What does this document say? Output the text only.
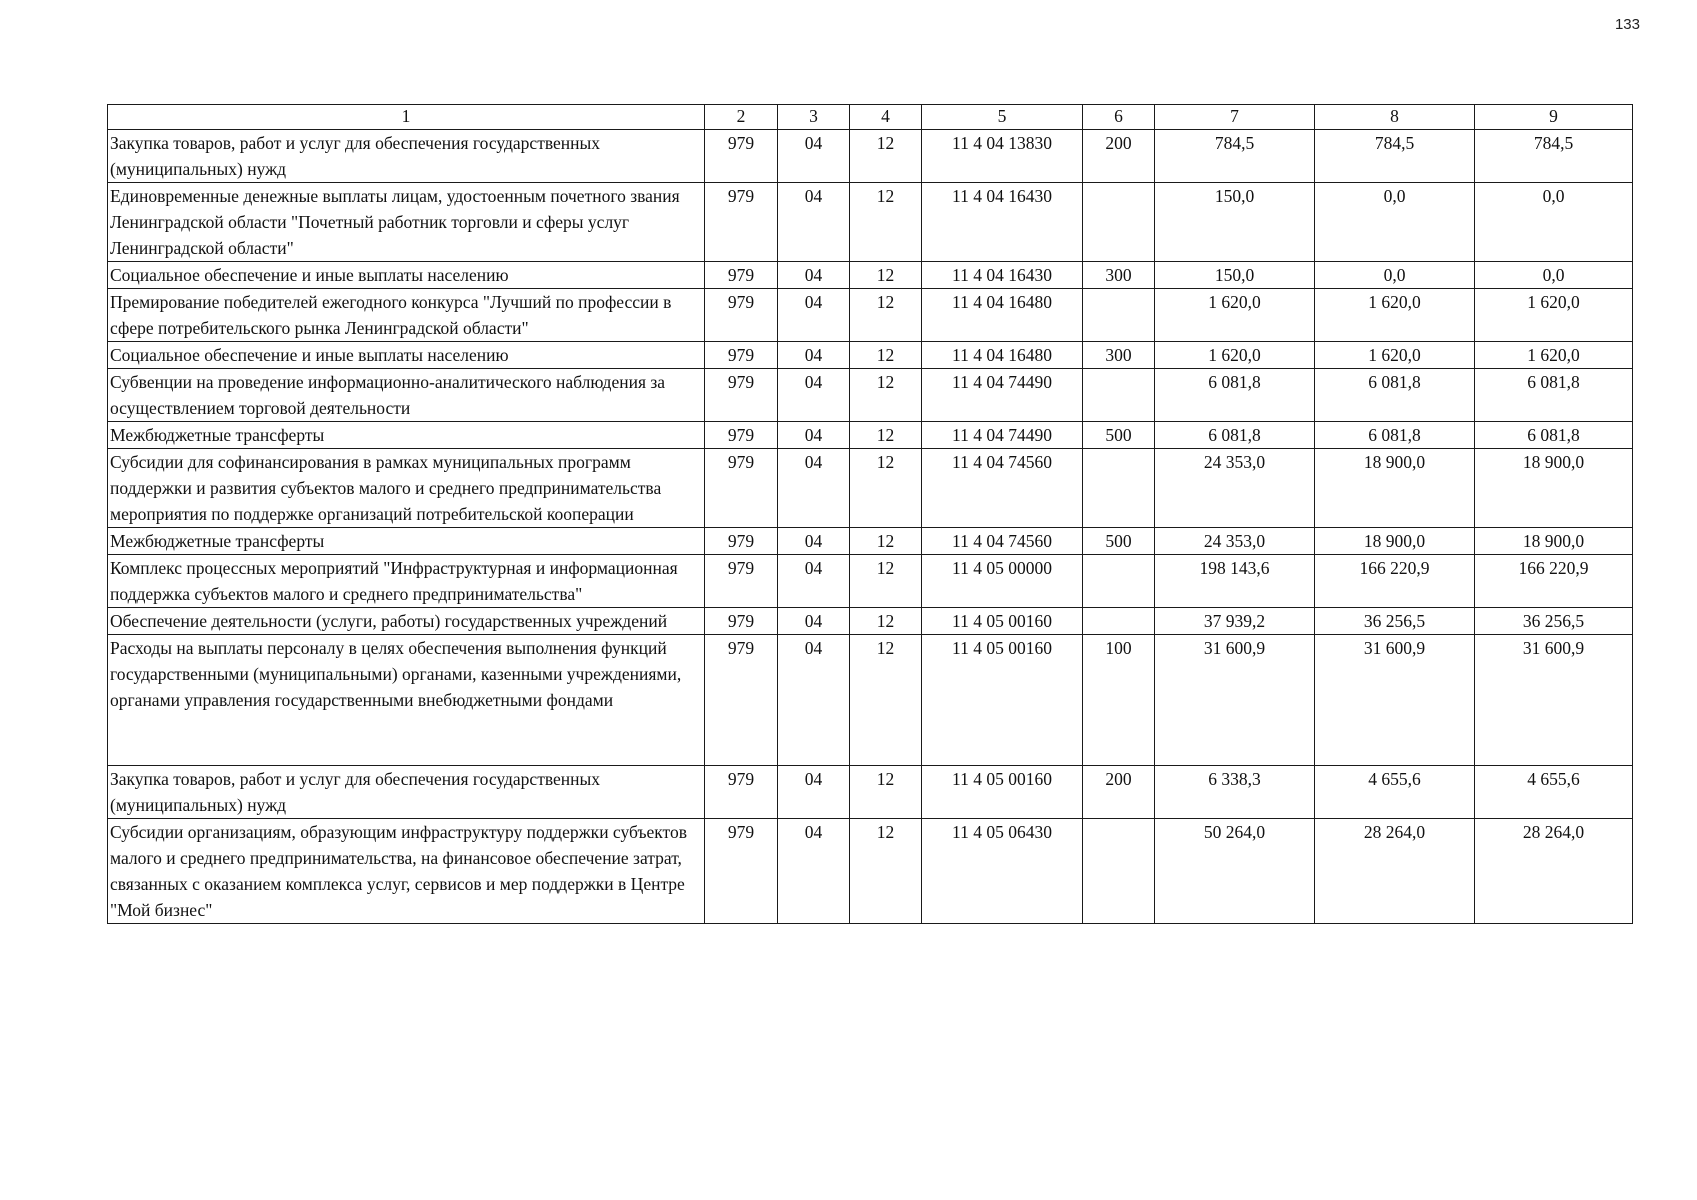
133
1	2	3	4	5	6	7	8	9
Закупка товаров, работ и услуг для обеспечения государственных (муниципальных) нужд	979	04	12	11 4 04 13830	200	784,5	784,5	784,5
Единовременные денежные выплаты лицам, удостоенным почетного звания Ленинградской области "Почетный работник торговли и сферы услуг Ленинградской области"	979	04	12	11 4 04 16430		150,0	0,0	0,0
Социальное обеспечение и иные выплаты населению	979	04	12	11 4 04 16430	300	150,0	0,0	0,0
Премирование победителей ежегодного конкурса "Лучший по профессии в сфере потребительского рынка Ленинградской области"	979	04	12	11 4 04 16480		1 620,0	1 620,0	1 620,0
Социальное обеспечение и иные выплаты населению	979	04	12	11 4 04 16480	300	1 620,0	1 620,0	1 620,0
Субвенции на проведение информационно-аналитического наблюдения за осуществлением торговой деятельности	979	04	12	11 4 04 74490		6 081,8	6 081,8	6 081,8
Межбюджетные трансферты	979	04	12	11 4 04 74490	500	6 081,8	6 081,8	6 081,8
Субсидии для софинансирования в рамках муниципальных программ поддержки и развития субъектов малого и среднего предпринимательства мероприятия по поддержке организаций потребительской кооперации	979	04	12	11 4 04 74560		24 353,0	18 900,0	18 900,0
Межбюджетные трансферты	979	04	12	11 4 04 74560	500	24 353,0	18 900,0	18 900,0
Комплекс процессных мероприятий "Инфраструктурная и информационная поддержка субъектов малого и среднего предпринимательства"	979	04	12	11 4 05 00000		198 143,6	166 220,9	166 220,9
Обеспечение деятельности (услуги, работы) государственных учреждений	979	04	12	11 4 05 00160		37 939,2	36 256,5	36 256,5
Расходы на выплаты персоналу в целях обеспечения выполнения функций государственными (муниципальными) органами, казенными учреждениями, органами управления государственными внебюджетными фондами	979	04	12	11 4 05 00160	100	31 600,9	31 600,9	31 600,9
Закупка товаров, работ и услуг для обеспечения государственных (муниципальных) нужд	979	04	12	11 4 05 00160	200	6 338,3	4 655,6	4 655,6
Субсидии организациям, образующим инфраструктуру поддержки субъектов малого и среднего предпринимательства, на финансовое обеспечение затрат, связанных с оказанием комплекса услуг, сервисов и мер поддержки в Центре "Мой бизнес"	979	04	12	11 4 05 06430		50 264,0	28 264,0	28 264,0
